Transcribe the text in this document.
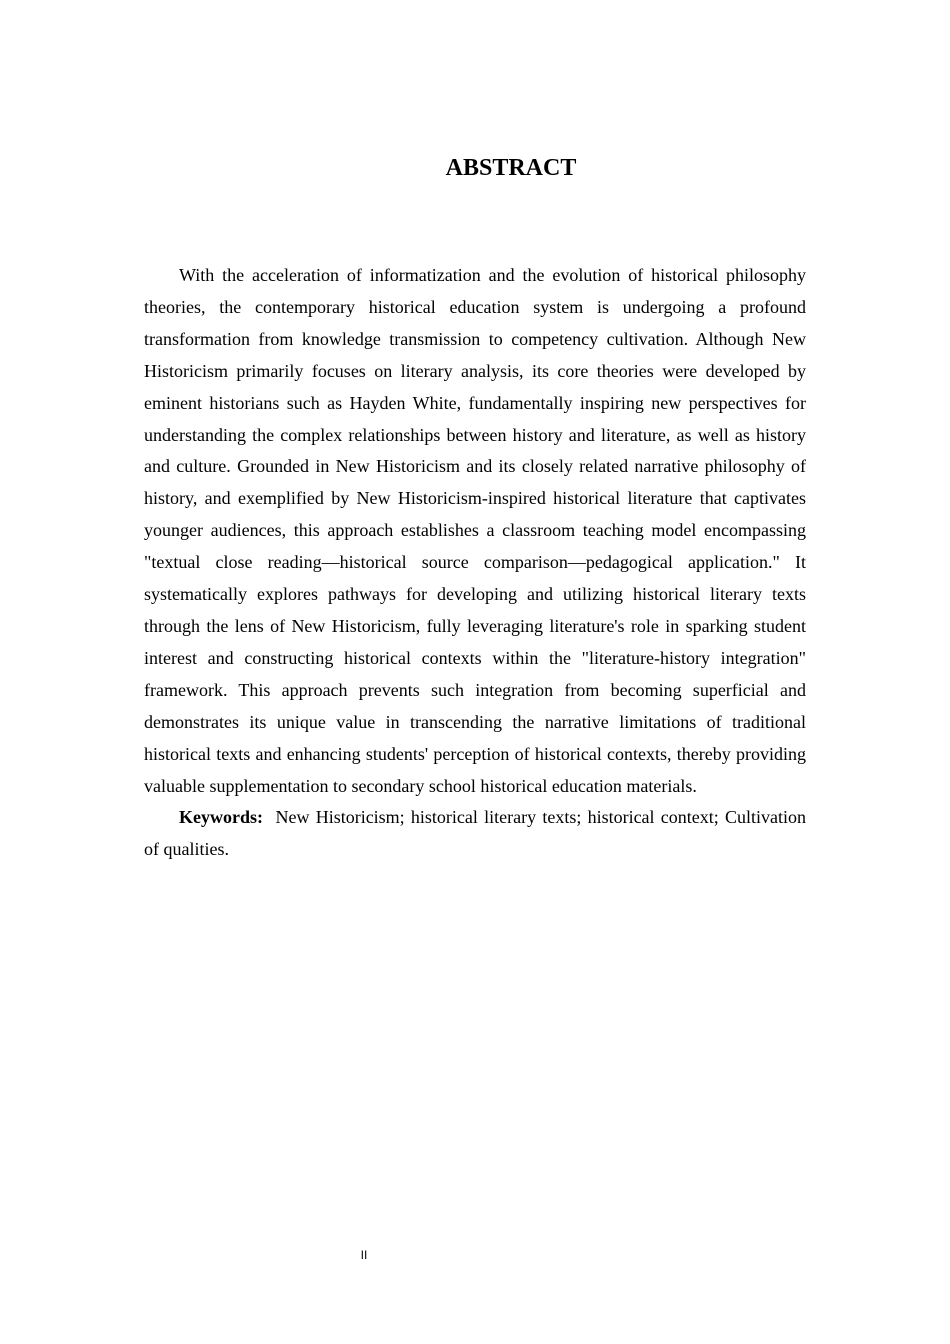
ABSTRACT

With the acceleration of informatization and the evolution of historical philosophy theories, the contemporary historical education system is undergoing a profound transformation from knowledge transmission to competency cultivation. Although New Historicism primarily focuses on literary analysis, its core theories were developed by eminent historians such as Hayden White, fundamentally inspiring new perspectives for understanding the complex relationships between history and literature, as well as history and culture. Grounded in New Historicism and its closely related narrative philosophy of history, and exemplified by New Historicism-inspired historical literature that captivates younger audiences, this approach establishes a classroom teaching model encompassing "textual close reading—historical source comparison—pedagogical application." It systematically explores pathways for developing and utilizing historical literary texts through the lens of New Historicism, fully leveraging literature's role in sparking student interest and constructing historical contexts within the "literature-history integration" framework. This approach prevents such integration from becoming superficial and demonstrates its unique value in transcending the narrative limitations of traditional historical texts and enhancing students' perception of historical contexts, thereby providing valuable supplementation to secondary school historical education materials.

Keywords: New Historicism; historical literary texts; historical context; Cultivation of qualities.

II
